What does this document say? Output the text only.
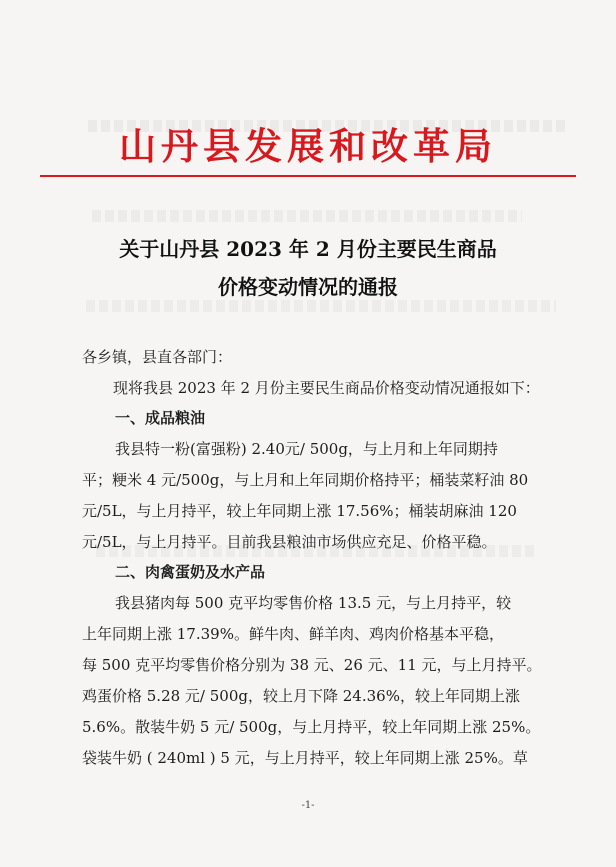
山丹县发展和改革局
关于山丹县 2023 年 2 月份主要民生商品
价格变动情况的通报
各乡镇，县直各部门：
现将我县 2023 年 2 月份主要民生商品价格变动情况通报如下：
一、成品粮油
我县特一粉(富强粉) 2.40元/ 500g，与上月和上年同期持
平；粳米 4 元/500g，与上月和上年同期价格持平；桶装菜籽油 80
元/5L，与上月持平，较上年同期上涨 17.56%；桶装胡麻油 120
元/5L，与上月持平。目前我县粮油市场供应充足、价格平稳。
二、肉禽蛋奶及水产品
我县猪肉每 500 克平均零售价格 13.5 元，与上月持平，较
上年同期上涨 17.39%。鲜牛肉、鲜羊肉、鸡肉价格基本平稳，
每 500 克平均零售价格分别为 38 元、26 元、11 元，与上月持平。
鸡蛋价格 5.28 元/ 500g，较上月下降 24.36%，较上年同期上涨
5.6%。散装牛奶 5 元/ 500g，与上月持平，较上年同期上涨 25%。
袋装牛奶 ( 240ml ) 5 元，与上月持平，较上年同期上涨 25%。草
-1-
